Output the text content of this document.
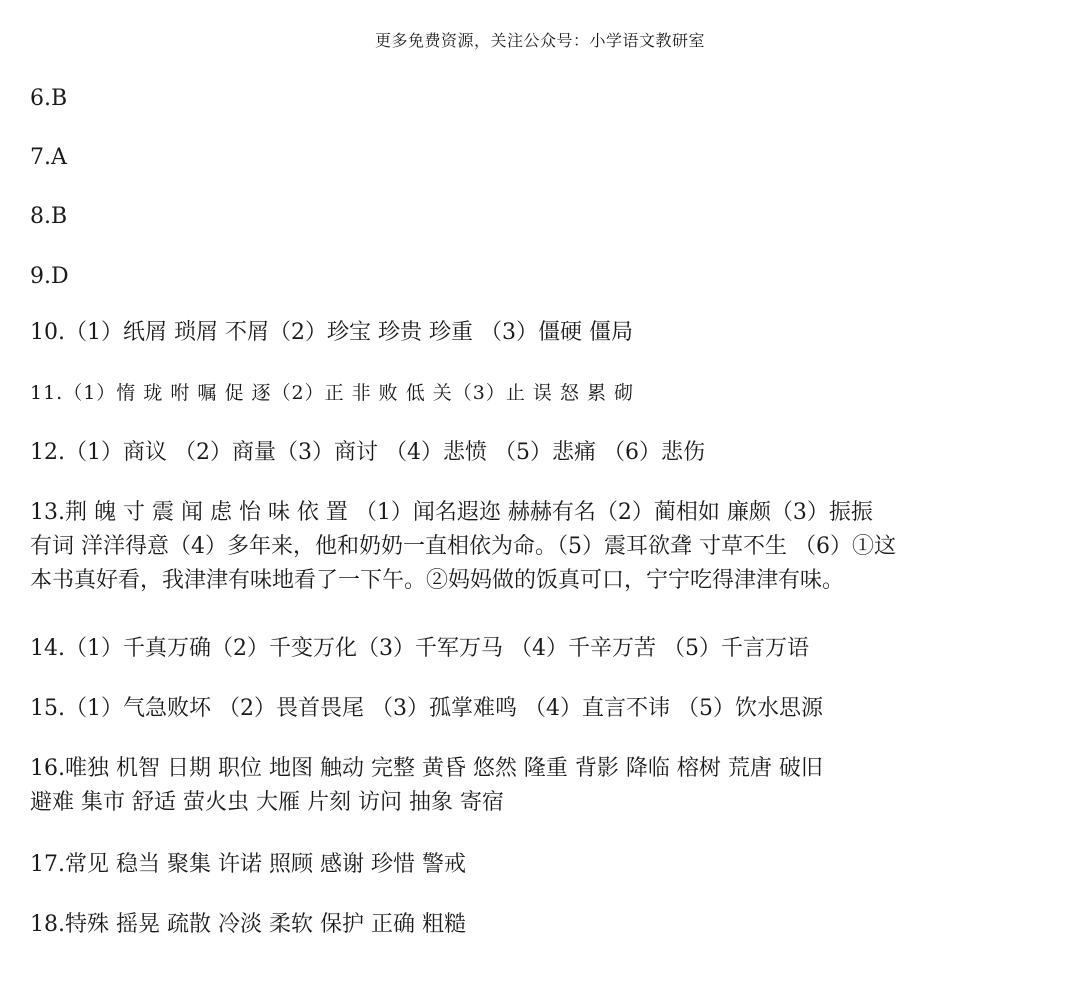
更多免费资源，关注公众号：小学语文教研室
6.B
7.A
8.B
9.D
10.（1）纸屑 琐屑 不屑（2）珍宝 珍贵 珍重 （3）僵硬 僵局
11.（1）惰 珑 咐 嘱 促 逐（2）正 非 败 低 关（3）止 误 怒 累 砌
12.（1）商议 （2）商量（3）商讨 （4）悲愤 （5）悲痛 （6）悲伤
13.荆 魄 寸 震 闻 虑 怡 味 依 置 （1）闻名遐迩 赫赫有名（2）蔺相如 廉颇（3）振振
有词 洋洋得意（4）多年来，他和奶奶一直相依为命。（5）震耳欲聋 寸草不生 （6）①这
本书真好看，我津津有味地看了一下午。②妈妈做的饭真可口，宁宁吃得津津有味。
14.（1）千真万确（2）千变万化（3）千军万马 （4）千辛万苦 （5）千言万语
15.（1）气急败坏 （2）畏首畏尾 （3）孤掌难鸣 （4）直言不讳 （5）饮水思源
16.唯独 机智 日期 职位 地图 触动 完整 黄昏 悠然 隆重 背影 降临 榕树 荒唐 破旧
避难 集市 舒适 萤火虫 大雁 片刻 访问 抽象 寄宿
17.常见 稳当 聚集 许诺 照顾 感谢 珍惜 警戒
18.特殊 摇晃 疏散 冷淡 柔软 保护 正确 粗糙
